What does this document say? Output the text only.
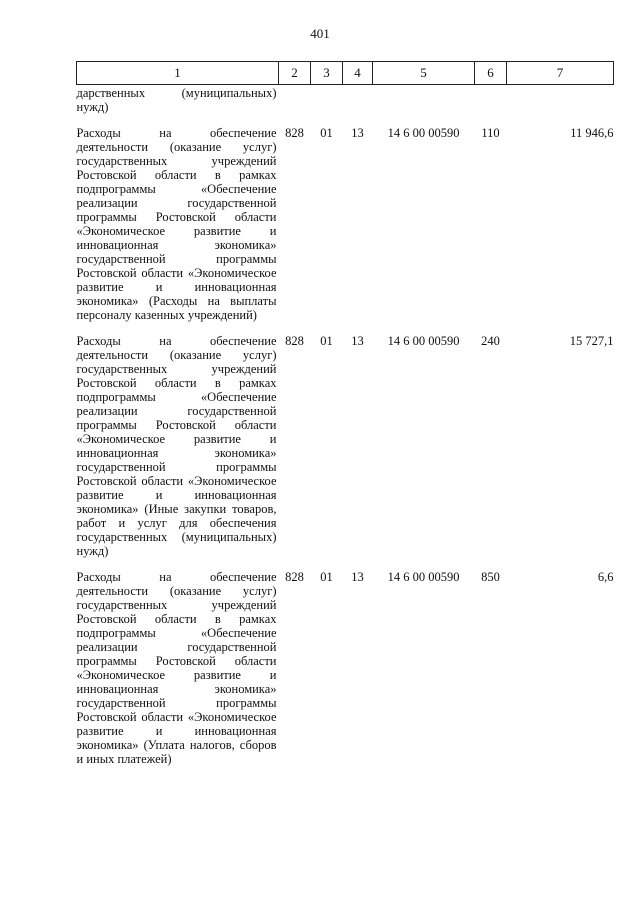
401
1	2	3	4	5	6	7
дарственных (муниципальных) нужд)						

Расходы на обеспечение деятельности (оказание услуг) государственных учреждений Ростовской области в рамках подпрограммы «Обеспечение реализации государственной программы Ростовской области «Экономическое развитие и инновационная экономика» государственной программы Ростовской области «Экономическое развитие и инновационная экономика» (Расходы на выплаты персоналу казенных учреждений)	828	01	13	14 6 00 00590	110	11 946,6

Расходы на обеспечение деятельности (оказание услуг) государственных учреждений Ростовской области в рамках подпрограммы «Обеспечение реализации государственной программы Ростовской области «Экономическое развитие и инновационная экономика» государственной программы Ростовской области «Экономическое развитие и инновационная экономика» (Иные закупки товаров, работ и услуг для обеспечения государственных (муниципальных) нужд)	828	01	13	14 6 00 00590	240	15 727,1

Расходы на обеспечение деятельности (оказание услуг) государственных учреждений Ростовской области в рамках подпрограммы «Обеспечение реализации государственной программы Ростовской области «Экономическое развитие и инновационная экономика» государственной программы Ростовской области «Экономическое развитие и инновационная экономика» (Уплата налогов, сборов и иных платежей)	828	01	13	14 6 00 00590	850	6,6
